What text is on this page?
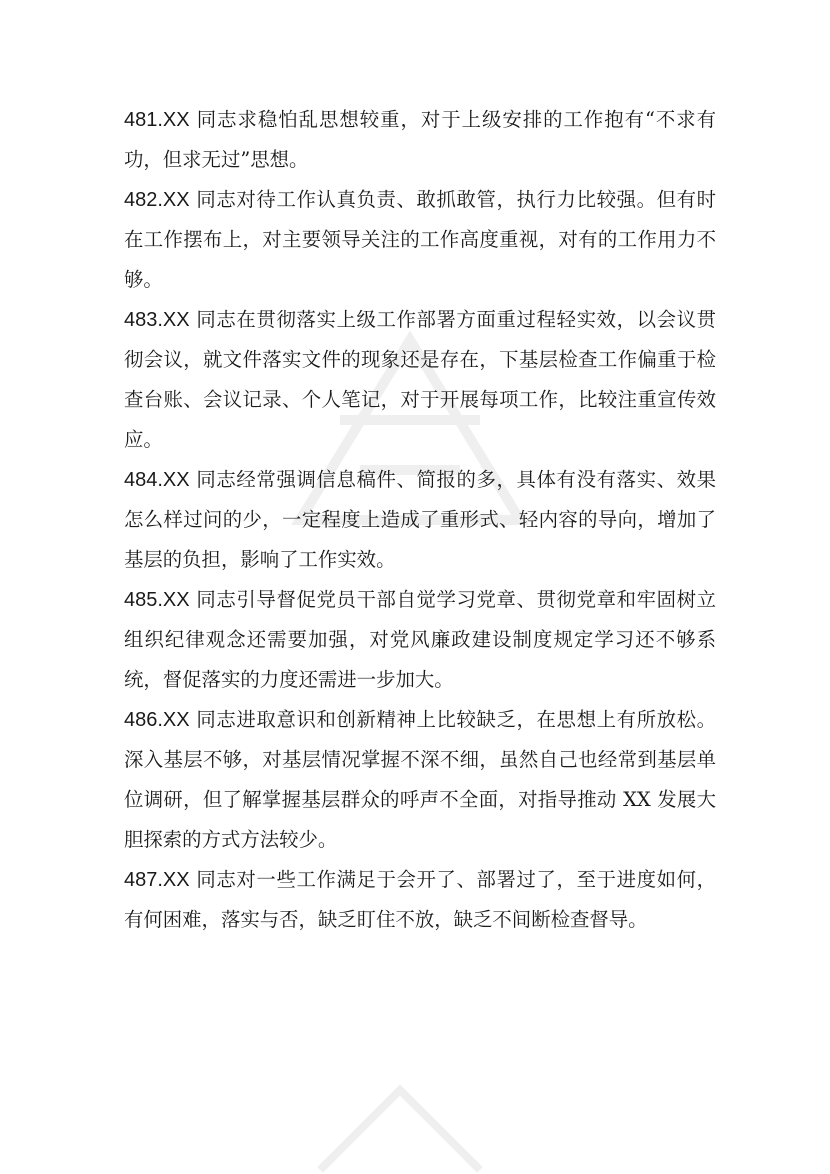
481.XX 同志求稳怕乱思想较重，对于上级安排的工作抱有“不求有功，但求无过”思想。

482.XX 同志对待工作认真负责、敢抓敢管，执行力比较强。但有时在工作摆布上，对主要领导关注的工作高度重视，对有的工作用力不够。

483.XX 同志在贯彻落实上级工作部署方面重过程轻实效，以会议贯彻会议，就文件落实文件的现象还是存在，下基层检查工作偏重于检查台账、会议记录、个人笔记，对于开展每项工作，比较注重宣传效应。

484.XX 同志经常强调信息稿件、简报的多，具体有没有落实、效果怎么样过问的少，一定程度上造成了重形式、轻内容的导向，增加了基层的负担，影响了工作实效。

485.XX 同志引导督促党员干部自觉学习党章、贯彻党章和牢固树立组织纪律观念还需要加强，对党风廉政建设制度规定学习还不够系统，督促落实的力度还需进一步加大。

486.XX 同志进取意识和创新精神上比较缺乏，在思想上有所放松。深入基层不够，对基层情况掌握不深不细，虽然自己也经常到基层单位调研，但了解掌握基层群众的呼声不全面，对指导推动 XX 发展大胆探索的方式方法较少。

487.XX 同志对一些工作满足于会开了、部署过了，至于进度如何，有何困难，落实与否，缺乏盯住不放，缺乏不间断检查督导。
